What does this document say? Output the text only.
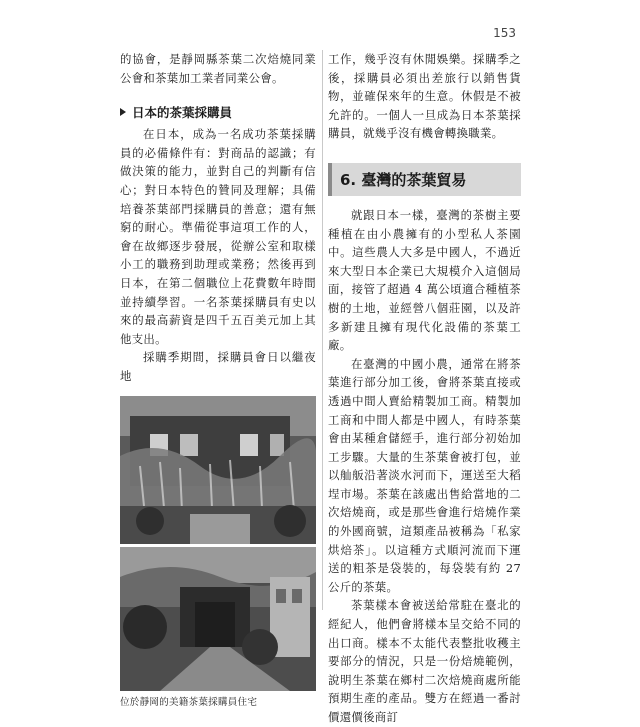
153

的協會，是靜岡縣茶葉二次焙燒同業公會和茶葉加工業者同業公會。

日本的茶葉採購員

在日本，成為一名成功茶葉採購員的必備條件有：對商品的認識；有做決策的能力，並對自己的判斷有信心；對日本特色的贊同及理解；具備培養茶葉部門採購員的善意；還有無窮的耐心。準備從事這項工作的人，會在故鄉逐步發展，從辦公室和取樣小工的職務到助理或業務；然後再到日本，在第二個職位上花費數年時間並持續學習。一名茶葉採購員有史以來的最高薪資是四千五百美元加上其他支出。

採購季期間，採購員會日以繼夜地

位於靜岡的美籍茶葉採購員住宅

工作，幾乎沒有休閒娛樂。採購季之後，採購員必須出差旅行以銷售貨物，並確保來年的生意。休假是不被允許的。一個人一旦成為日本茶葉採購員，就幾乎沒有機會轉換職業。

6. 臺灣的茶葉貿易

就跟日本一樣，臺灣的茶樹主要種植在由小農擁有的小型私人茶園中。這些農人大多是中國人，不過近來大型日本企業已大規模介入這個局面，接管了超過 4 萬公頃適合種植茶樹的土地，並經營八個莊園，以及許多新建且擁有現代化設備的茶葉工廠。

在臺灣的中國小農，通常在將茶葉進行部分加工後，會將茶葉直接或透過中間人賣給精製加工商。精製加工商和中間人都是中國人，有時茶葉會由某種倉儲經手，進行部分初始加工步驟。大量的生茶葉會被打包，並以舢舨沿著淡水河而下，運送至大稻埕市場。茶葉在該處出售給當地的二次焙燒商，或是那些會進行焙燒作業的外國商號，這類產品被稱為「私家烘焙茶」。以這種方式順河流而下運送的粗茶是袋裝的，每袋裝有約 27 公斤的茶葉。

茶葉樣本會被送給常駐在臺北的經紀人，他們會將樣本呈交給不同的出口商。樣本不太能代表整批收穫主要部分的情況，只是一份焙燒範例，說明生茶葉在鄉村二次焙燒商處所能預期生產的產品。雙方在經過一番討價還價後商訂
